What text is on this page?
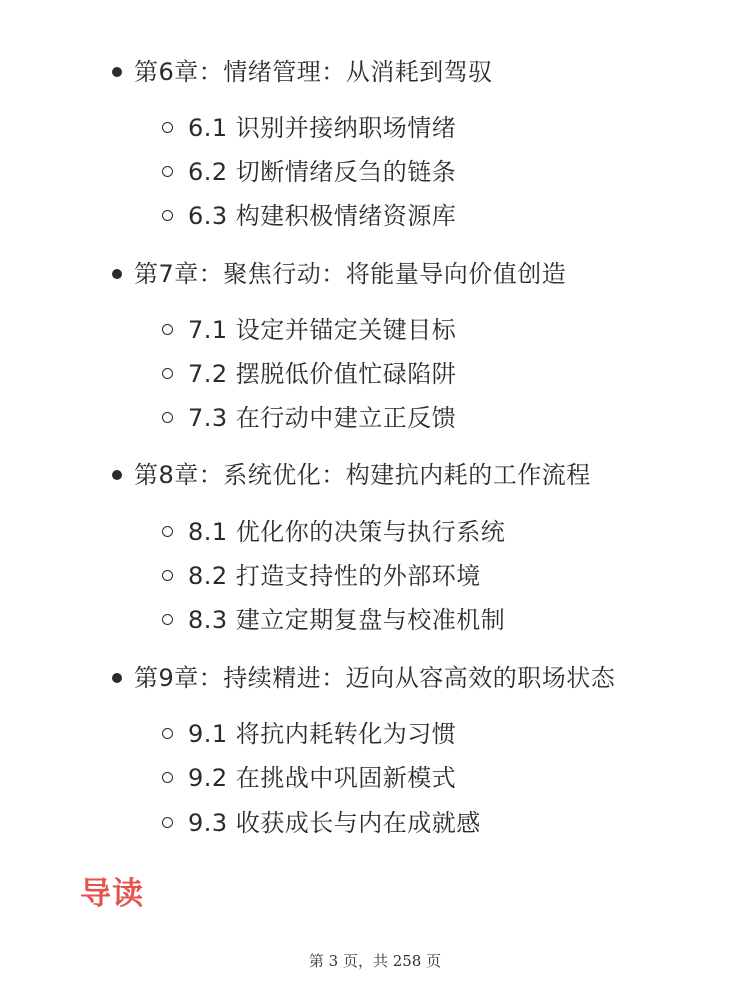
第6章：情绪管理：从消耗到驾驭
6.1 识别并接纳职场情绪
6.2 切断情绪反刍的链条
6.3 构建积极情绪资源库
第7章：聚焦行动：将能量导向价值创造
7.1 设定并锚定关键目标
7.2 摆脱低价值忙碌陷阱
7.3 在行动中建立正反馈
第8章：系统优化：构建抗内耗的工作流程
8.1 优化你的决策与执行系统
8.2 打造支持性的外部环境
8.3 建立定期复盘与校准机制
第9章：持续精进：迈向从容高效的职场状态
9.1 将抗内耗转化为习惯
9.2 在挑战中巩固新模式
9.3 收获成长与内在成就感
导读
第 3 页，共 258 页
